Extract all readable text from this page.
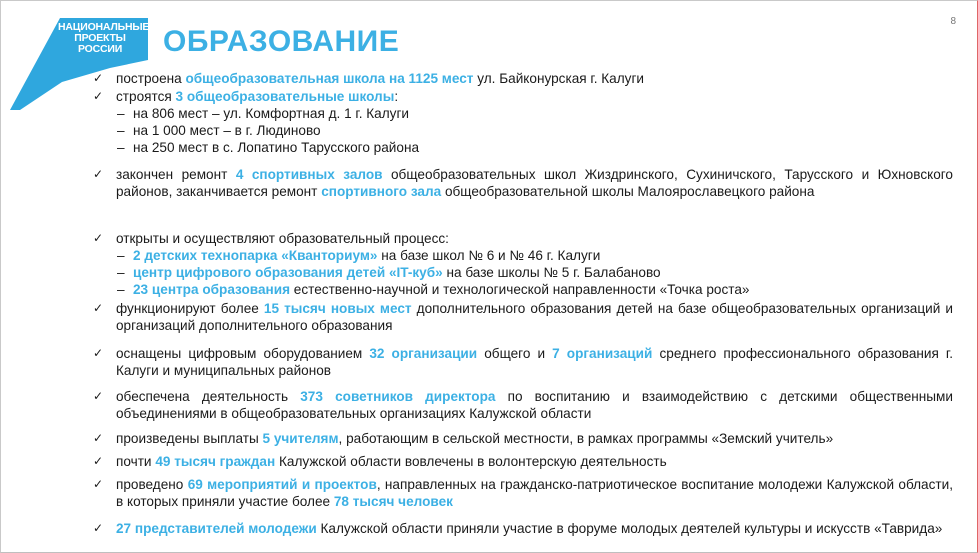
НАЦИОНАЛЬНЫЕ
ПРОЕКТЫ
РОССИИ	ОБРАЗОВАНИЕ
8
✓ построена общеобразовательная школа на 1125 мест ул. Байконурская г. Калуги
✓ строятся 3 общеобразовательные школы:
– на 806 мест – ул. Комфортная д. 1 г. Калуги
– на 1 000 мест – в г. Людиново
– на 250 мест в с. Лопатино Тарусского района
✓ закончен ремонт 4 спортивных залов общеобразовательных школ Жиздринского, Сухиничского, Тарусского и Юхновского районов, заканчивается ремонт спортивного зала общеобразовательной школы Малоярославецкого района
✓ открыты и осуществляют образовательный процесс:
– 2 детских технопарка «Кванториум» на базе школ № 6 и № 46 г. Калуги
– центр цифрового образования детей «IT-куб» на базе школы № 5 г. Балабаново
– 23 центра образования естественно-научной и технологической направленности «Точка роста»
✓ функционируют более 15 тысяч новых мест дополнительного образования детей на базе общеобразовательных организаций и организаций дополнительного образования
✓ оснащены цифровым оборудованием 32 организации общего и 7 организаций среднего профессионального образования г. Калуги и муниципальных районов
✓ обеспечена деятельность 373 советников директора по воспитанию и взаимодействию с детскими общественными объединениями в общеобразовательных организациях Калужской области
✓ произведены выплаты 5 учителям, работающим в сельской местности, в рамках программы «Земский учитель»
✓ почти 49 тысяч граждан Калужской области вовлечены в волонтерскую деятельность
✓ проведено 69 мероприятий и проектов, направленных на гражданско-патриотическое воспитание молодежи Калужской области, в которых приняли участие более 78 тысяч человек
✓ 27 представителей молодежи Калужской области приняли участие в форуме молодых деятелей культуры и искусств «Таврида»
